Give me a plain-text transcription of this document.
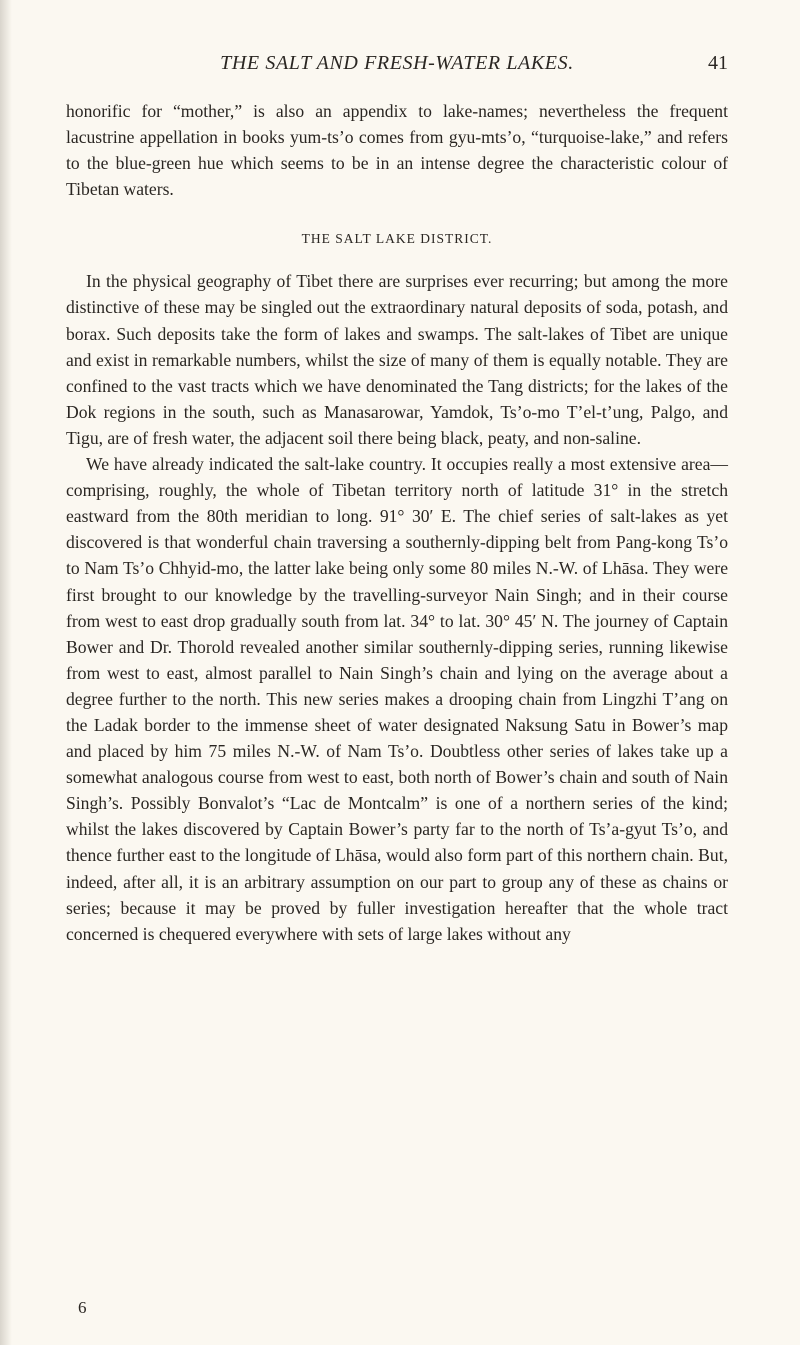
THE SALT AND FRESH-WATER LAKES.	41

honorific for “mother,” is also an appendix to lake-names; nevertheless the frequent lacustrine appellation in books yum-ts’o comes from gyu-mts’o, “turquoise-lake,” and refers to the blue-green hue which seems to be in an intense degree the characteristic colour of Tibetan waters.

THE SALT LAKE DISTRICT.

In the physical geography of Tibet there are surprises ever recurring; but among the more distinctive of these may be singled out the extraordinary natural deposits of soda, potash, and borax. Such deposits take the form of lakes and swamps. The salt-lakes of Tibet are unique and exist in remarkable numbers, whilst the size of many of them is equally notable. They are confined to the vast tracts which we have denominated the Tang districts; for the lakes of the Dok regions in the south, such as Manasarowar, Yamdok, Ts’o-mo T’el-t’ung, Palgo, and Tigu, are of fresh water, the adjacent soil there being black, peaty, and non-saline.

We have already indicated the salt-lake country. It occupies really a most extensive area—comprising, roughly, the whole of Tibetan territory north of latitude 31° in the stretch eastward from the 80th meridian to long. 91° 30′ E. The chief series of salt-lakes as yet discovered is that wonderful chain traversing a southernly-dipping belt from Pang-kong Ts’o to Nam Ts’o Chhyid-mo, the latter lake being only some 80 miles N.-W. of Lhāsa. They were first brought to our knowledge by the travelling-surveyor Nain Singh; and in their course from west to east drop gradually south from lat. 34° to lat. 30° 45′ N. The journey of Captain Bower and Dr. Thorold revealed another similar southernly-dipping series, running likewise from west to east, almost parallel to Nain Singh’s chain and lying on the average about a degree further to the north. This new series makes a drooping chain from Lingzhi T’ang on the Ladak border to the immense sheet of water designated Naksung Satu in Bower’s map and placed by him 75 miles N.-W. of Nam Ts’o. Doubtless other series of lakes take up a somewhat analogous course from west to east, both north of Bower’s chain and south of Nain Singh’s. Possibly Bonvalot’s “Lac de Montcalm” is one of a northern series of the kind; whilst the lakes discovered by Captain Bower’s party far to the north of Ts’a-gyut Ts’o, and thence further east to the longitude of Lhāsa, would also form part of this northern chain. But, indeed, after all, it is an arbitrary assumption on our part to group any of these as chains or series; because it may be proved by fuller investigation hereafter that the whole tract concerned is chequered everywhere with sets of large lakes without any

6
